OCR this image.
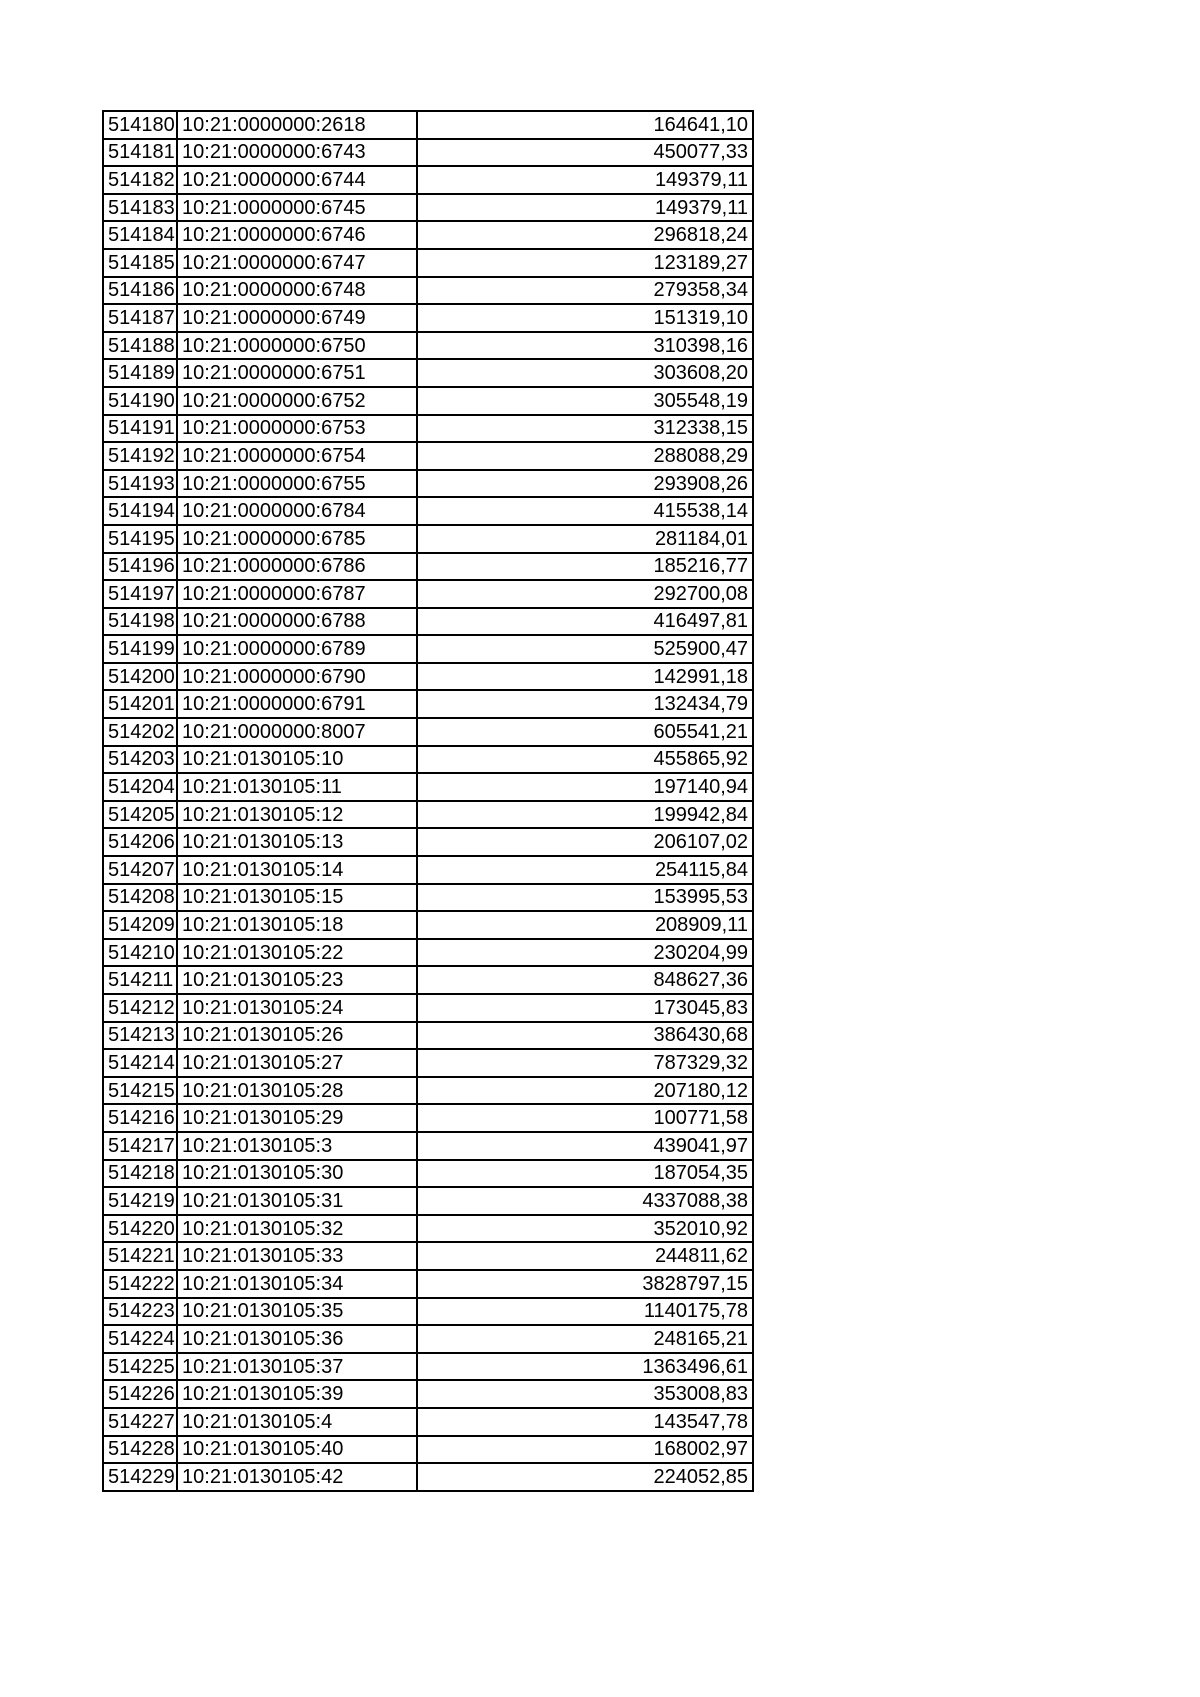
514180	10:21:0000000:2618	164641,10
514181	10:21:0000000:6743	450077,33
514182	10:21:0000000:6744	149379,11
514183	10:21:0000000:6745	149379,11
514184	10:21:0000000:6746	296818,24
514185	10:21:0000000:6747	123189,27
514186	10:21:0000000:6748	279358,34
514187	10:21:0000000:6749	151319,10
514188	10:21:0000000:6750	310398,16
514189	10:21:0000000:6751	303608,20
514190	10:21:0000000:6752	305548,19
514191	10:21:0000000:6753	312338,15
514192	10:21:0000000:6754	288088,29
514193	10:21:0000000:6755	293908,26
514194	10:21:0000000:6784	415538,14
514195	10:21:0000000:6785	281184,01
514196	10:21:0000000:6786	185216,77
514197	10:21:0000000:6787	292700,08
514198	10:21:0000000:6788	416497,81
514199	10:21:0000000:6789	525900,47
514200	10:21:0000000:6790	142991,18
514201	10:21:0000000:6791	132434,79
514202	10:21:0000000:8007	605541,21
514203	10:21:0130105:10	455865,92
514204	10:21:0130105:11	197140,94
514205	10:21:0130105:12	199942,84
514206	10:21:0130105:13	206107,02
514207	10:21:0130105:14	254115,84
514208	10:21:0130105:15	153995,53
514209	10:21:0130105:18	208909,11
514210	10:21:0130105:22	230204,99
514211	10:21:0130105:23	848627,36
514212	10:21:0130105:24	173045,83
514213	10:21:0130105:26	386430,68
514214	10:21:0130105:27	787329,32
514215	10:21:0130105:28	207180,12
514216	10:21:0130105:29	100771,58
514217	10:21:0130105:3	439041,97
514218	10:21:0130105:30	187054,35
514219	10:21:0130105:31	4337088,38
514220	10:21:0130105:32	352010,92
514221	10:21:0130105:33	244811,62
514222	10:21:0130105:34	3828797,15
514223	10:21:0130105:35	1140175,78
514224	10:21:0130105:36	248165,21
514225	10:21:0130105:37	1363496,61
514226	10:21:0130105:39	353008,83
514227	10:21:0130105:4	143547,78
514228	10:21:0130105:40	168002,97
514229	10:21:0130105:42	224052,85
